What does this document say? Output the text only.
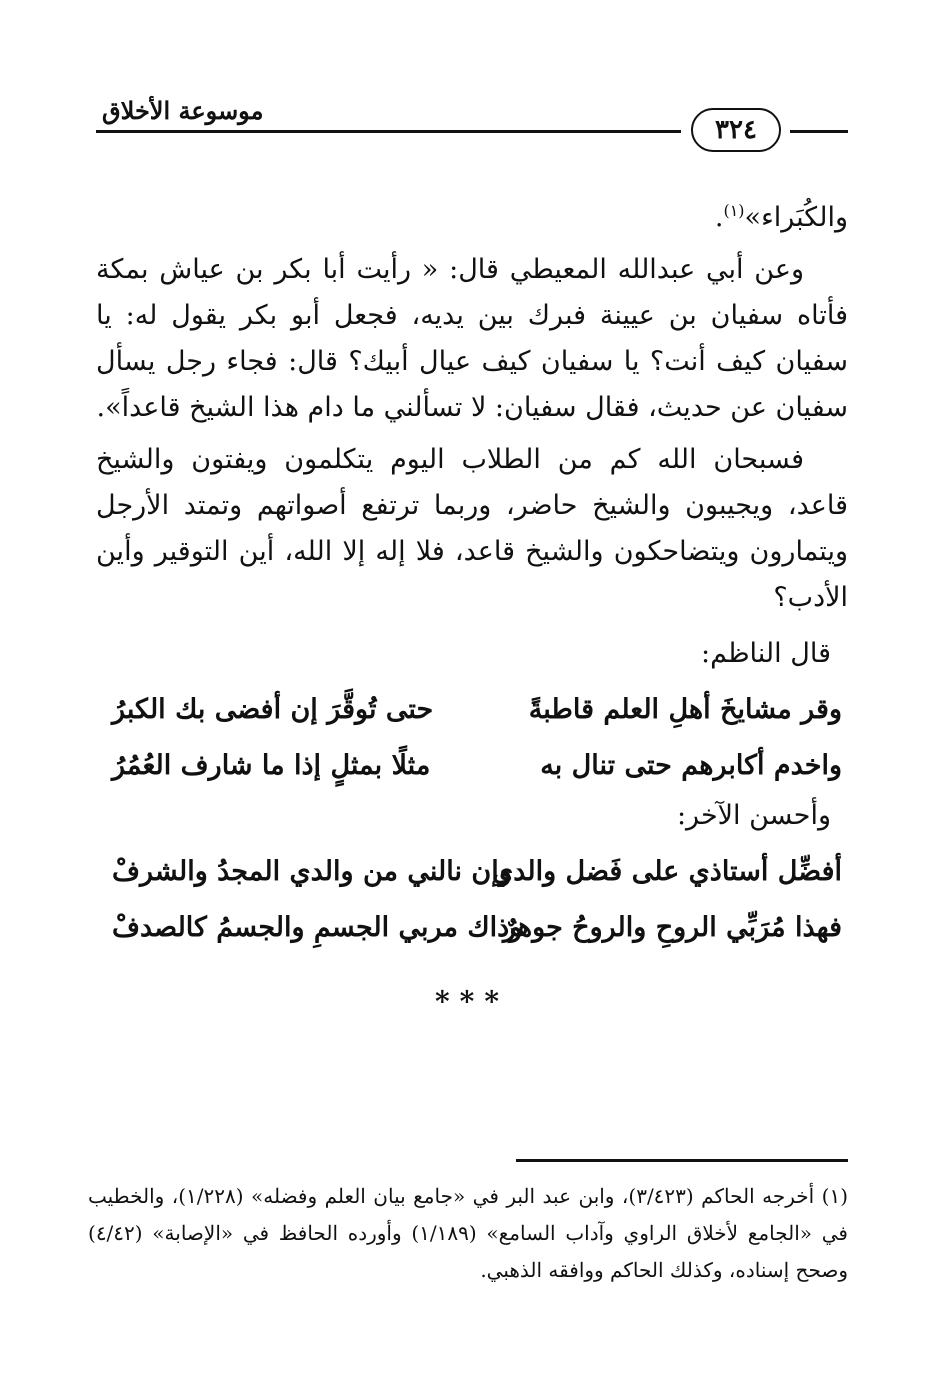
٣٢٤
موسوعة الأخلاق

والكُبَراء»$^{(١)}$.

وعن أبي عبدالله المعيطي قال: « رأيت أبا بكر بن عياش بمكة فأتاه سفيان بن عيينة فبرك بين يديه، فجعل أبو بكر يقول له: يا سفيان كيف أنت؟ يا سفيان كيف عيال أبيك؟ قال: فجاء رجل يسأل سفيان عن حديث، فقال سفيان: لا تسألني ما دام هذا الشيخ قاعداً».

فسبحان الله كم من الطلاب اليوم يتكلمون ويفتون والشيخ قاعد، ويجيبون والشيخ حاضر، وربما ترتفع أصواتهم وتمتد الأرجل ويتمارون ويتضاحكون والشيخ قاعد، فلا إله إلا الله، أين التوقير وأين الأدب؟

قال الناظم:
وقر مشايخَ أهلِ العلم قاطبةً
حتى تُوقَّرَ إن أفضى بك الكبرُ
واخدم أكابرهم حتى تنال به
مثلًا بمثلٍ إذا ما شارف العُمُرُ
وأحسن الآخر:
أفضِّل أستاذي على فَضل والدي
وإن نالني من والدي المجدُ والشرفْ
فهذا مُرَبِّي الروحِ والروحُ جوهرٌ
وذاك مربي الجسمِ والجسمُ كالصدفْ
***
(١) أخرجه الحاكم (٣/٤٢٣)، وابن عبد البر في «جامع بيان العلم وفضله» (١/٢٢٨)، والخطيب في «الجامع لأخلاق الراوي وآداب السامع» (١/١٨٩) وأورده الحافظ في «الإصابة» (٤/٤٢) وصحح إسناده، وكذلك الحاكم ووافقه الذهبي.
